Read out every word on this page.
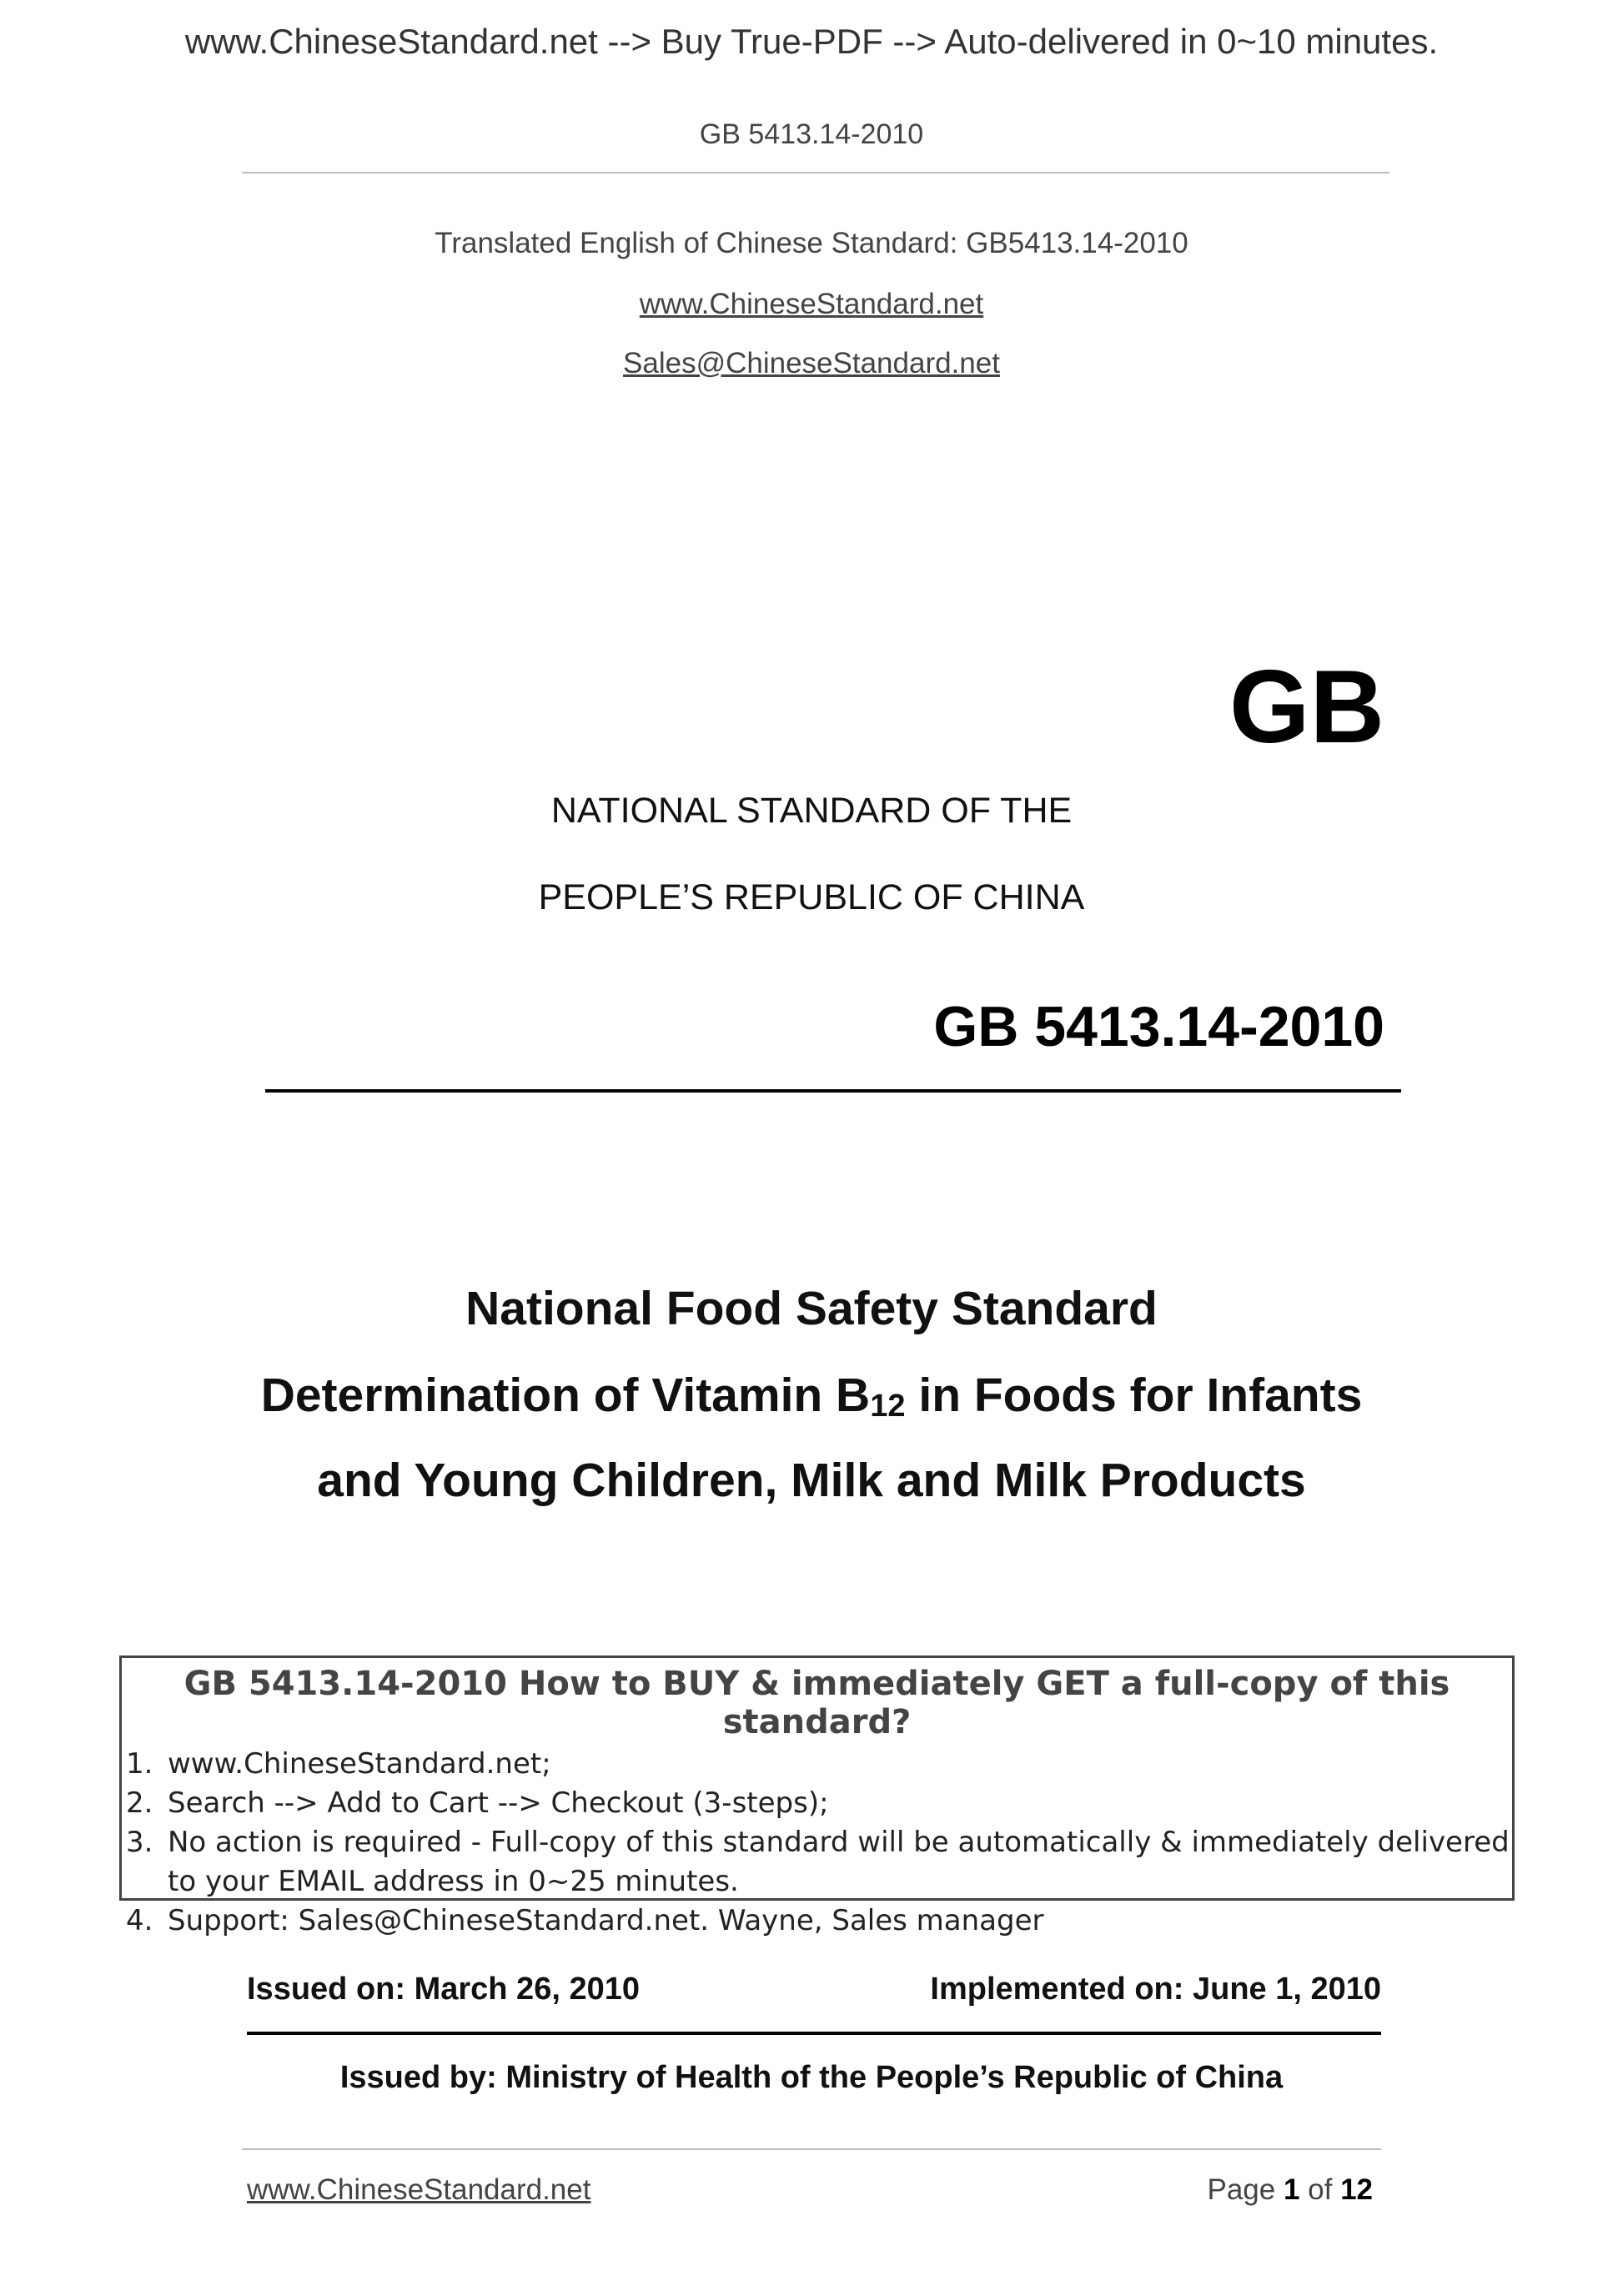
www.ChineseStandard.net --> Buy True-PDF --> Auto-delivered in 0~10 minutes.
GB 5413.14-2010
Translated English of Chinese Standard: GB5413.14-2010
www.ChineseStandard.net
Sales@ChineseStandard.net
GB
NATIONAL STANDARD OF THE
PEOPLE’S REPUBLIC OF CHINA
GB 5413.14-2010
National Food Safety Standard
Determination of Vitamin $B_{12}$ in Foods for Infants
and Young Children, Milk and Milk Products
GB 5413.14-2010 How to BUY & immediately GET a full-copy of this standard?
1. www.ChineseStandard.net;
2. Search --> Add to Cart --> Checkout (3-steps);
3. No action is required - Full-copy of this standard will be automatically & immediately delivered to your EMAIL address in 0~25 minutes.
4. Support: Sales@ChineseStandard.net. Wayne, Sales manager
Issued on: March 26, 2010	Implemented on: June 1, 2010
Issued by: Ministry of Health of the People’s Republic of China
www.ChineseStandard.net	Page 1 of 12
